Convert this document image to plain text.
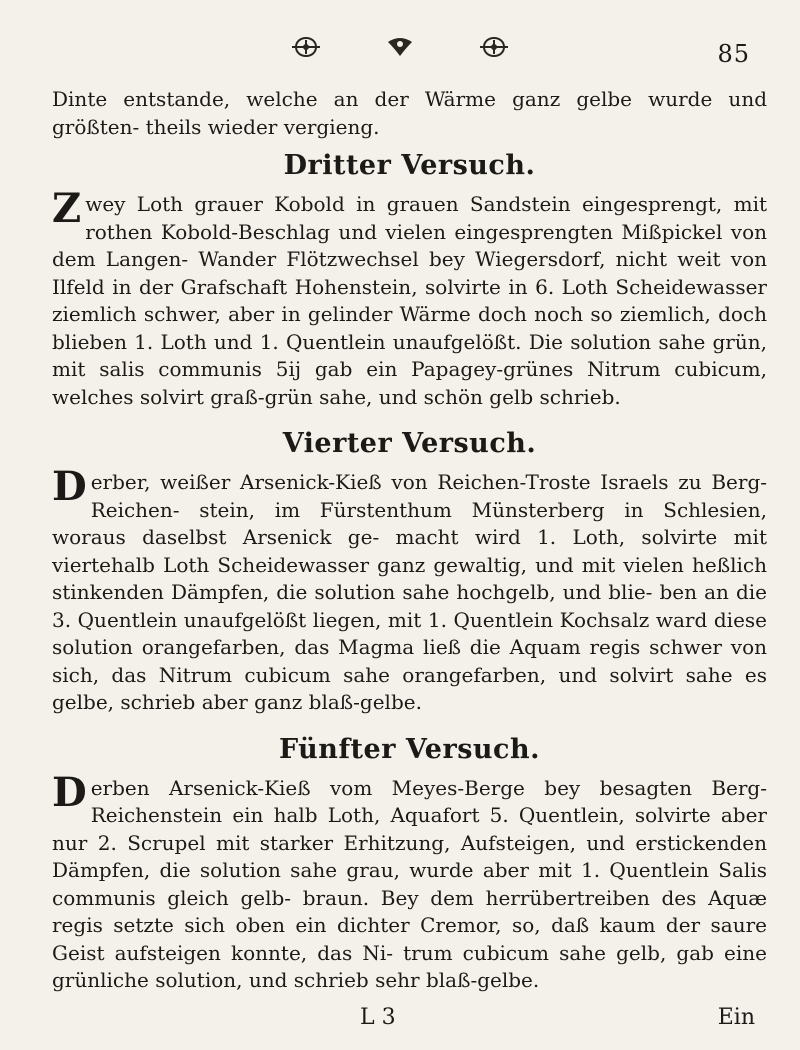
85

Dinte entstande, welche an der Wärme ganz gelbe wurde und größten- theils wieder vergieng.

Dritter Versuch.

Zwey Loth grauer Kobold in grauen Sandstein eingesprengt, mit rothen Kobold-Beschlag und vielen eingesprengten Mißpickel von dem Langen- Wander Flötzwechsel bey Wiegersdorf, nicht weit von Ilfeld in der Grafschaft Hohenstein, solvirte in 6. Loth Scheidewasser ziemlich schwer, aber in gelinder Wärme doch noch so ziemlich, doch blieben 1. Loth und 1. Quentlein unaufgelößt. Die solution sahe grün, mit salis communis 5ij gab ein Papagey-grünes Nitrum cubicum, welches solvirt graß-grün sahe, und schön gelb schrieb.

Vierter Versuch.

Derber, weißer Arsenick-Kieß von Reichen-Troste Israels zu Berg-Reichen- stein, im Fürstenthum Münsterberg in Schlesien, woraus daselbst Arsenick ge- macht wird 1. Loth, solvirte mit viertehalb Loth Scheidewasser ganz gewaltig, und mit vielen heßlich stinkenden Dämpfen, die solution sahe hochgelb, und blie- ben an die 3. Quentlein unaufgelößt liegen, mit 1. Quentlein Kochsalz ward diese solution orangefarben, das Magma ließ die Aquam regis schwer von sich, das Nitrum cubicum sahe orangefarben, und solvirt sahe es gelbe, schrieb aber ganz blaß-gelbe.

Fünfter Versuch.

Derben Arsenick-Kieß vom Meyes-Berge bey besagten Berg-Reichenstein ein halb Loth, Aquafort 5. Quentlein, solvirte aber nur 2. Scrupel mit starker Erhitzung, Aufsteigen, und erstickenden Dämpfen, die solution sahe grau, wurde aber mit 1. Quentlein Salis communis gleich gelb- braun. Bey dem herrübertreiben des Aquæ regis setzte sich oben ein dichter Cremor, so, daß kaum der saure Geist aufsteigen konnte, das Ni- trum cubicum sahe gelb, gab eine grünliche solution, und schrieb sehr blaß-gelbe.

L 3	Ein
